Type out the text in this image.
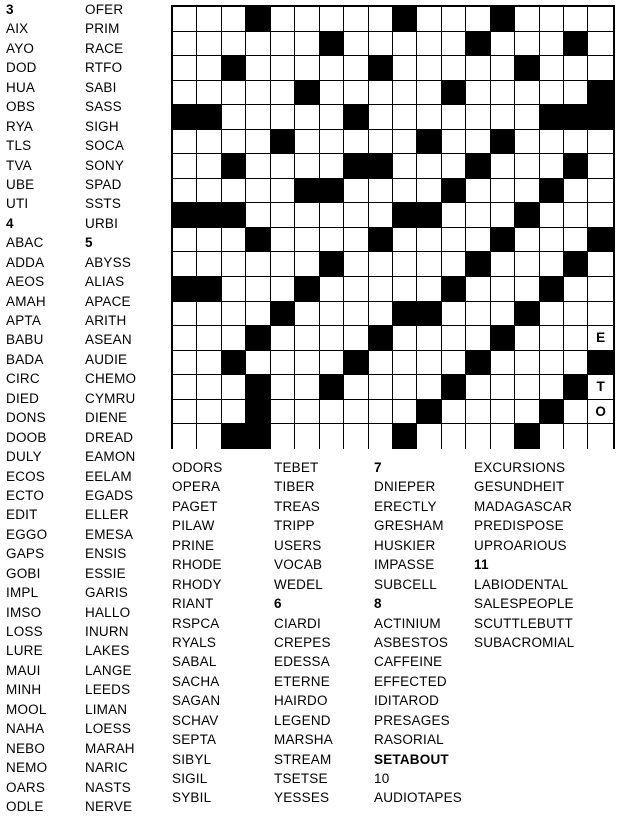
3
AIX
AYO
DOD
HUA
OBS
RYA
TLS
TVA
UBE
UTI
4
ABAC
ADDA
AEOS
AMAH
APTA
BABU
BADA
CIRC
DIED
DONS
DOOB
DULY
ECOS
ECTO
EDIT
EGGO
GAPS
GOBI
IMPL
IMSO
LOSS
LURE
MAUI
MINH
MOOL
NAHA
NEBO
NEMO
OARS
ODLE
OFER
PRIM
RACE
RTFO
SABI
SASS
SIGH
SOCA
SONY
SPAD
SSTS
URBI
5
ABYSS
ALIAS
APACE
ARITH
ASEAN
AUDIE
CHEMO
CYMRU
DIENE
DREAD
EAMON
EELAM
EGADS
ELLER
EMESA
ENSIS
ESSIE
GARIS
HALLO
INURN
LAKES
LANGE
LEEDS
LIMAN
LOESS
MARAH
NARIC
NASTS
NERVE
ODORS
OPERA
PAGET
PILAW
PRINE
RHODE
RHODY
RIANT
RSPCA
RYALS
SABAL
SACHA
SAGAN
SCHAV
SEPTA
SIBYL
SIGIL
SYBIL
TEBET
TIBER
TREAS
TRIPP
USERS
VOCAB
WEDEL
6
CIARDI
CREPES
EDESSA
ETERNE
HAIRDO
LEGEND
MARSHA
STREAM
TSETSE
YESSES
7
DNIEPER
ERECTLY
GRESHAM
HUSKIER
IMPASSE
SUBCELL
8
ACTINIUM
ASBESTOS
CAFFEINE
EFFECTED
IDITAROD
PRESAGES
RASORIAL
SETABOUT
10
AUDIOTAPES
EXCURSIONS
GESUNDHEIT
MADAGASCAR
PREDISPOSE
UPROARIOUS
11
LABIODENTAL
SALESPEOPLE
SCUTTLEBUTT
SUBACROMIAL
E
C
T
O
